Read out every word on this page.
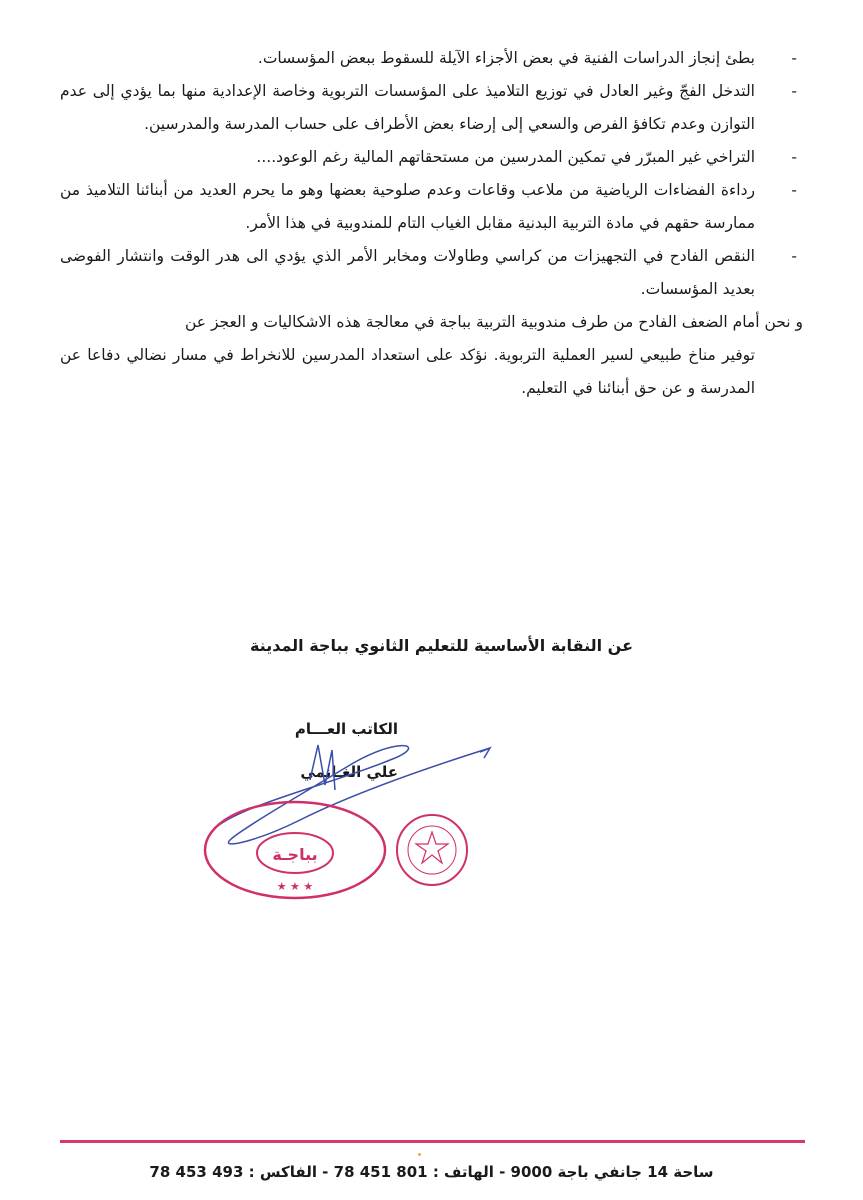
-
بطئ إنجاز الدراسات الفنية في بعض الأجزاء الآيلة للسقوط ببعض المؤسسات.

-
التدخل الفجّ وغير العادل في توزيع التلاميذ على المؤسسات التربوية وخاصة الإعدادية منها بما يؤدي إلى عدم التوازن وعدم تكافؤ الفرص والسعي إلى إرضاء بعض الأطراف على حساب المدرسة والمدرسين.

-
التراخي غير المبرّر في تمكين المدرسين من مستحقاتهم المالية رغم الوعود....

-
رداءة الفضاءات الرياضية من ملاعب وقاعات وعدم صلوحية بعضها وهو ما يحرم العديد من أبنائنا التلاميذ من ممارسة حقهم في مادة التربية البدنية مقابل الغياب التام للمندوبية في هذا الأمر.

-
النقص الفادح في التجهيزات من كراسي وطاولات ومخابر الأمر الذي يؤدي الى هدر الوقت وانتشار الفوضى بعديد المؤسسات.

و نحن أمام الضعف الفادح من طرف مندوبية التربية بباجة في معالجة هذه الاشكاليات و العجز عن
توفير مناخ طبيعي لسير العملية التربوية. نؤكد على استعداد المدرسين للانخراط في مسار نضالي دفاعا عن المدرسة و عن حق أبنائنا في التعليم.

عن النقابة الأساسية للتعليم الثانوي بباجة المدينة
الكاتب العـــام
علي الغـانمي
بباجـة
★ ★ ★
ساحة 14 جانفي باجة 9000 - الهاتف : 801 451 78 - الفاكس : 493 453 78
